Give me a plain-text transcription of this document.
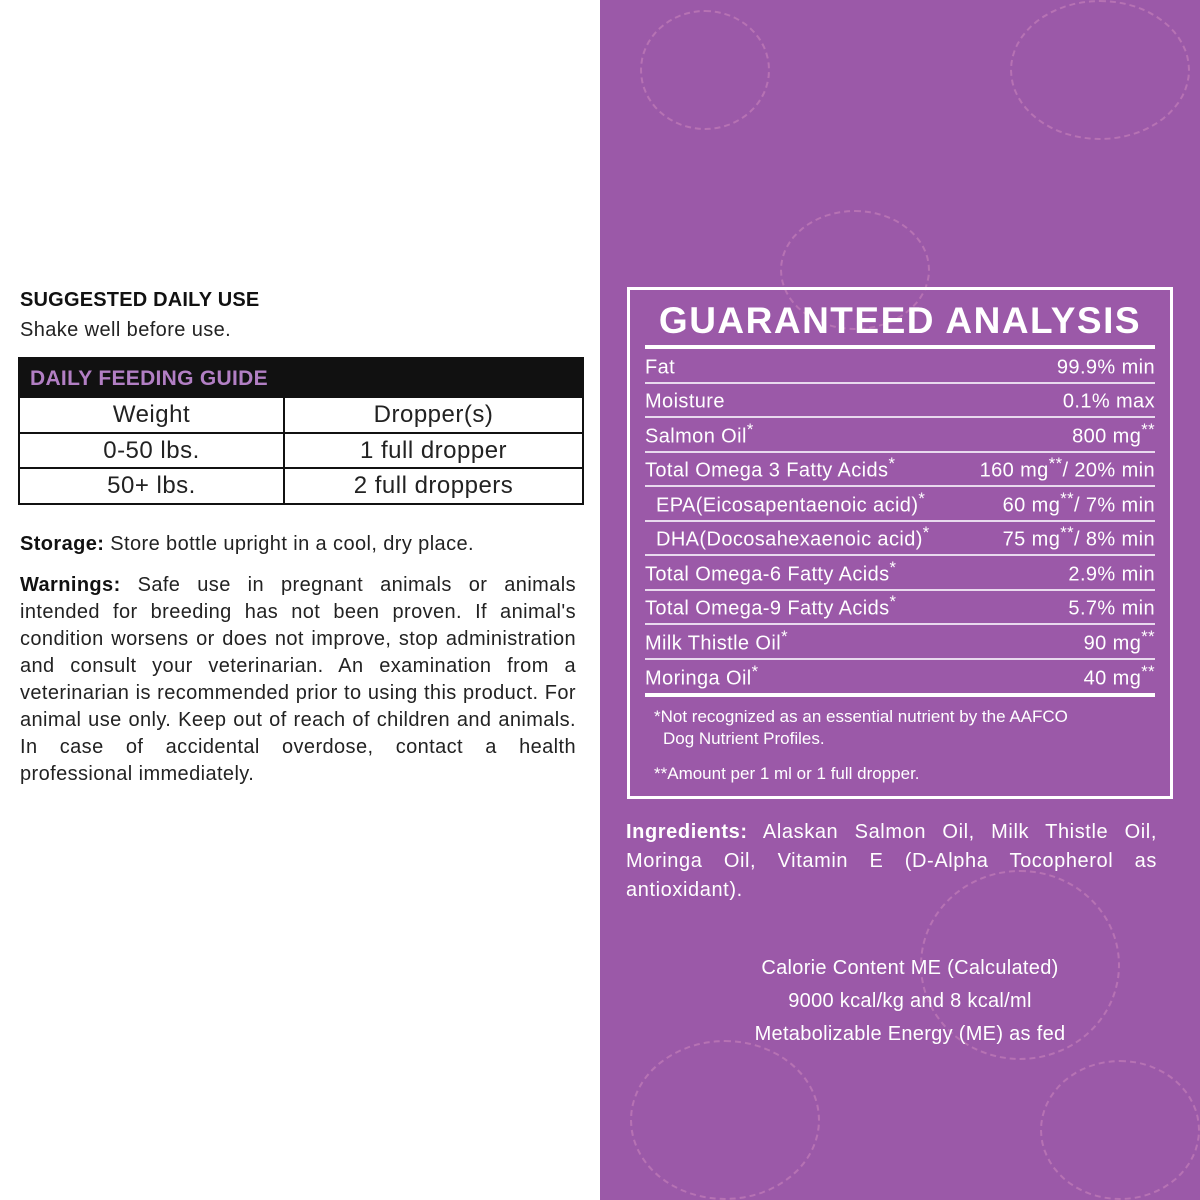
SUGGESTED DAILY USE
Shake well before use.
DAILY FEEDING GUIDE
Weight	Dropper(s)
0-50 lbs.	1 full dropper
50+ lbs.	2 full droppers
Storage: Store bottle upright in a cool, dry place.
Warnings: Safe use in pregnant animals or animals intended for breeding has not been proven. If animal's condition worsens or does not improve, stop administration and consult your veterinarian. An examination from a veterinarian is recommended prior to using this product. For animal use only. Keep out of reach of children and animals. In case of accidental overdose, contact a health professional immediately.
GUARANTEED ANALYSIS
Fat	99.9% min
Moisture	0.1% max
Salmon Oil*	800 mg**
Total Omega 3 Fatty Acids*	160 mg**/ 20% min
EPA(Eicosapentaenoic acid)*	60 mg**/ 7% min
DHA(Docosahexaenoic acid)*	75 mg**/ 8% min
Total Omega-6 Fatty Acids*	2.9% min
Total Omega-9 Fatty Acids*	5.7% min
Milk Thistle Oil*	90 mg**
Moringa Oil*	40 mg**
*Not recognized as an essential nutrient by the AAFCO
Dog Nutrient Profiles.
**Amount per 1 ml or 1 full dropper.
Ingredients: Alaskan Salmon Oil, Milk Thistle Oil, Moringa Oil, Vitamin E (D-Alpha Tocopherol as antioxidant).
Calorie Content ME (Calculated)
9000 kcal/kg and 8 kcal/ml
Metabolizable Energy (ME) as fed
